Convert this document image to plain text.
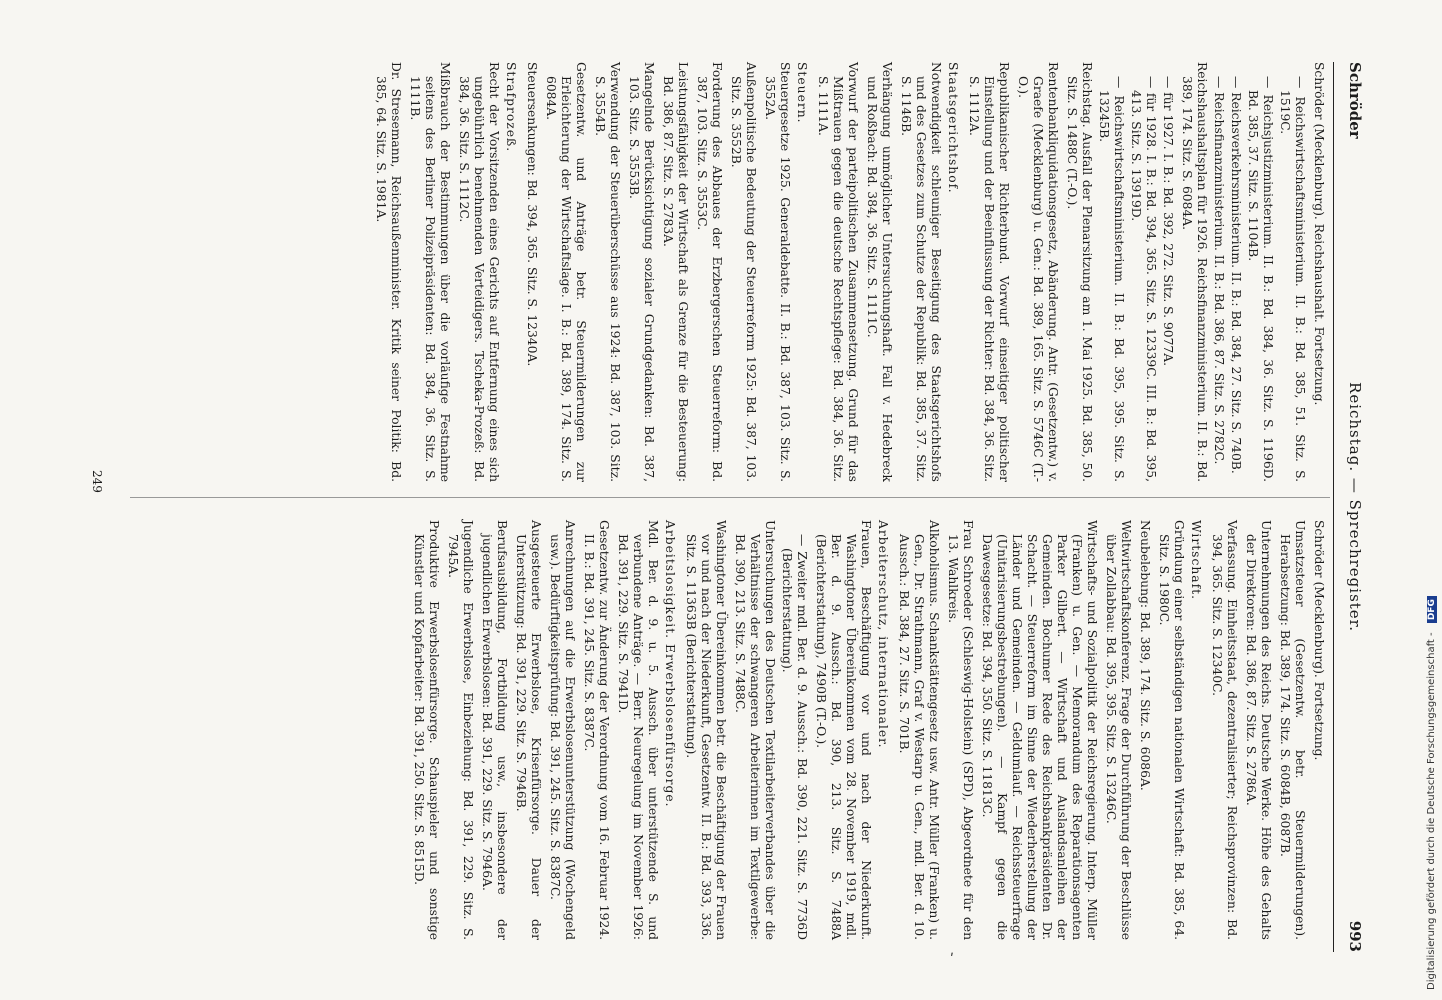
Schröder
Reichstag. — Sprechregister.
993
Schröder (Mecklenburg). Reichshaushalt. Fortsetzung.
— Reichswirtschaftsministerium. II. B.: Bd. 385, 51. Sitz. S. 1519C.
— Reichsjustizministerium. II. B.: Bd. 384, 36. Sitz. S. 1196D. Bd. 385, 37. Sitz. S. 1104B.
— Reichsverkehrsministerium. II. B.: Bd. 384, 27. Sitz. S. 740B.
— Reichsfinanzministerium. II. B.: Bd. 386, 87. Sitz. S. 2782C.
Reichshaushaltsplan für 1926. Reichsfinanzministerium. II. B.: Bd. 389, 174. Sitz. S. 6084A.
— für 1927. I. B.: Bd. 392, 272. Sitz. S. 9077A.
— für 1928. I. B.: Bd. 394, 365. Sitz. S. 12339C. III. B.: Bd. 395, 413. Sitz. S. 13919D.
— Reichswirtschaftsministerium. II. B.: Bd. 395, 395. Sitz. S. 13245B.
Reichstag. Ausfall der Plenarsitzung am 1. Mai 1925. Bd. 385, 50. Sitz. S. 1488C (T.-O.).
Rentenbankliquidationsgesetz, Abänderung. Antr. (Gesetzentw.) v. Graefe (Mecklenburg) u. Gen.: Bd. 389, 165. Sitz. S. 5746C (T.-O.).
Republikanischer Richterbund. Vorwurf einseitiger politischer Einstellung und der Beeinflussung der Richter: Bd. 384, 36. Sitz. S. 1112A.
Staatsgerichtshof.
Notwendigkeit schleuniger Beseitigung des Staatsgerichtshofs und des Gesetzes zum Schutze der Republik: Bd. 385, 37. Sitz. S. 1146B.
Verhängung unmöglicher Untersuchungshaft. Fall v. Hedebreck und Roßbach: Bd. 384, 36. Sitz. S. 1111C.
Vorwurf der parteipolitischen Zusammensetzung. Grund für das Mißtrauen gegen die deutsche Rechtspflege: Bd. 384, 36. Sitz. S. 1111A.
Steuern.
Steuergesetze 1925. Generaldebatte. II. B.: Bd. 387, 103. Sitz. S. 3552A.
Außenpolitische Bedeutung der Steuerreform 1925: Bd. 387, 103. Sitz. S. 3552B.
Forderung des Abbaues der Erzbergerschen Steuerreform: Bd. 387, 103. Sitz. S. 3553C.
Leistungsfähigkeit der Wirtschaft als Grenze für die Besteuerung: Bd. 386, 87. Sitz. S. 2783A.
Mangelnde Berücksichtigung sozialer Grundgedanken: Bd. 387, 103. Sitz. S. 3553B.
Verwendung der Steuerüberschüsse aus 1924: Bd. 387, 103. Sitz. S. 3554B.
Gesetzentw. und Anträge betr. Steuermilderungen zur Erleichterung der Wirtschaftslage. I. B.: Bd. 389, 174. Sitz. S. 6084A.
Steuersenkungen: Bd. 394, 365. Sitz. S. 12340A.
Strafprozeß.
Recht der Vorsitzenden eines Gerichts auf Entfernung eines sich ungebührlich benehmenden Verteidigers. Tscheka-Prozeß: Bd. 384, 36. Sitz. S. 1112C.
Mißbrauch der Bestimmungen über die vorläufige Festnahme seitens des Berliner Polizeipräsidenten: Bd. 384, 36. Sitz. S. 1111B.
Dr. Stresemann, Reichsaußenminister. Kritik seiner Politik: Bd. 385, 64. Sitz. S. 1981A.
Schröder (Mecklenburg). Fortsetzung.
Umsatzsteuer (Gesetzentw. betr. Steuermilderungen). Herabsetzung: Bd. 389, 174. Sitz. S. 6084B, 6087B.
Unternehmungen des Reichs. Deutsche Werke. Höhe des Gehalts der Direktoren: Bd. 386, 87. Sitz. S. 2786A.
Verfassung. Einheitsstaat, dezentralisierter; Reichsprovinzen: Bd. 394, 365. Sitz. S. 12340C.
Wirtschaft.
Gründung einer selbständigen nationalen Wirtschaft: Bd. 385, 64. Sitz. S. 1980C.
Neubelebung: Bd. 389, 174. Sitz. S. 6086A.
Weltwirtschaftskonferenz. Frage der Durchführung der Beschlüsse über Zollabbau: Bd. 395, 395. Sitz. S. 13246C.
Wirtschafts- und Sozialpolitik der Reichsregierung. Interp. Müller (Franken) u. Gen. — Memorandum des Reparationsagenten Parker Gilbert. — Wirtschaft und Auslandsanleihen der Gemeinden. Bochumer Rede des Reichsbankpräsidenten Dr. Schacht. — Steuerreform im Sinne der Wiederherstellung der Länder und Gemeinden. — Geldumlauf. — Reichssteuerfrage (Unitarisierungsbestrebungen). — Kampf gegen die Dawesgesetze: Bd. 394, 350. Sitz. S. 11813C.
Frau Schroeder (Schleswig-Holstein) (SPD), Abgeordnete für den 13. Wahlkreis.
Alkoholismus. Schankstättengesetz usw. Antr. Müller (Franken) u. Gen., Dr. Strathmann, Graf v. Westarp u. Gen., mdl. Ber. d. 10. Aussch.: Bd. 384, 27. Sitz. S. 701B.
Arbeiterschutz, internationaler.
Frauen, Beschäftigung vor und nach der Niederkunft. Washingtoner Übereinkommen vom 28. November 1919, mdl. Ber. d. 9. Aussch.: Bd. 390, 213. Sitz. S. 7488A (Berichterstattung), 7490B (T.-O.).
— Zweiter mdl. Ber. d. 9. Aussch.: Bd. 390, 221. Sitz. S. 7736D (Berichterstattung).
Untersuchungen des Deutschen Textilarbeiterverbandes über die Verhältnisse der schwangeren Arbeiterinnen im Textilgewerbe: Bd. 390, 213. Sitz. S. 7488C.
Washingtoner Übereinkommen betr. die Beschäftigung der Frauen vor und nach der Niederkunft, Gesetzentw. II. B.: Bd. 393, 336. Sitz. S. 11363B (Berichterstattung).
Arbeitslosigkeit. Erwerbslosenfürsorge.
Mdl. Ber. d. 9. u. 5. Aussch. über unterstützende S. und verbundene Anträge. — Berr. Neuregelung im November 1926: Bd. 391, 229. Sitz. S. 7941D.
Gesetzentw. zur Änderung der Verordnung vom 16. Februar 1924. II. B.: Bd. 391, 245. Sitz. S. 8387C.
Anrechnungen auf die Erwerbslosenunterstützung (Wochengeld usw.). Bedürftigkeitsprüfung: Bd. 391, 245. Sitz. S. 8387C.
Ausgesteuerte Erwerbslose, Krisenfürsorge. Dauer der Unterstützung: Bd. 391, 229. Sitz. S. 7946B.
Berufsausbildung, Fortbildung usw., insbesondere der jugendlichen Erwerbslosen: Bd. 391, 229. Sitz. S. 7946A.
Jugendliche Erwerbslose, Einbeziehung: Bd. 391, 229. Sitz. S. 7945A.
Produktive Erwerbslosenfürsorge. Schauspieler und sonstige Künstler und Kopfarbeiter: Bd. 391, 250. Sitz. S. 8515D.
249
ʹ	Digitalisierung gefördert durch die Deutsche Forschungsgemeinschaft - DFG
